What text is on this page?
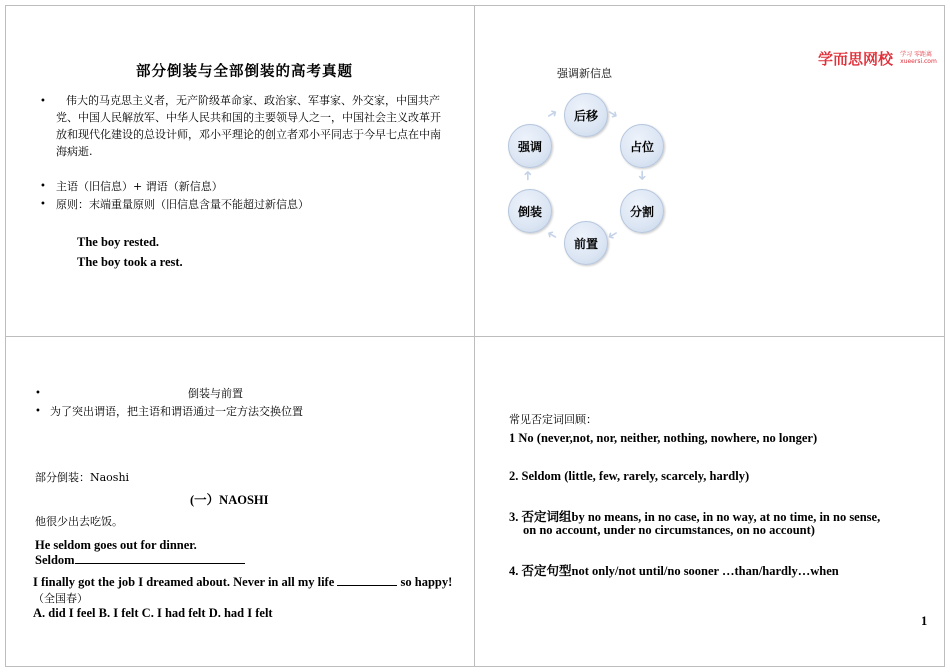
部分倒装与全部倒装的高考真题
•	伟大的马克思主义者，无产阶级革命家、政治家、军事家、外交家，中国共产党、中国人民解放军、中华人民共和国的主要领导人之一，中国社会主义改革开放和现代化建设的总设计师，邓小平理论的创立者邓小平同志于今早七点在中南海病逝.
• 主语（旧信息）+ 谓语（新信息）
• 原则：末端重量原则（旧信息含量不能超过新信息）
The boy rested.
The boy took a rest.
强调新信息
学而思网校 学习 零距离
xueersi.com
后移
占位
分割
前置
倒装
强调
➜
➜
➜
➜
➜
➜
•	倒装与前置
• 为了突出谓语，把主语和谓语通过一定方法交换位置
部分倒装：Naoshi
(一）NAOSHI
他很少出去吃饭。
He seldom goes out for dinner.
Seldom
I finally got the job I dreamed about. Never in all my life	so happy!
（全国春）
A. did I feel B. I felt C. I had felt D. had I felt
常见否定词回顾：
1 No (never,not, nor, neither, nothing, nowhere, no longer)
2. Seldom (little, few, rarely, scarcely, hardly)
3. 否定词组by no means, in no case, in no way, at no time, in no sense,
on no account, under no circumstances, on no account)
4. 否定句型not only/not until/no sooner …than/hardly…when
1
